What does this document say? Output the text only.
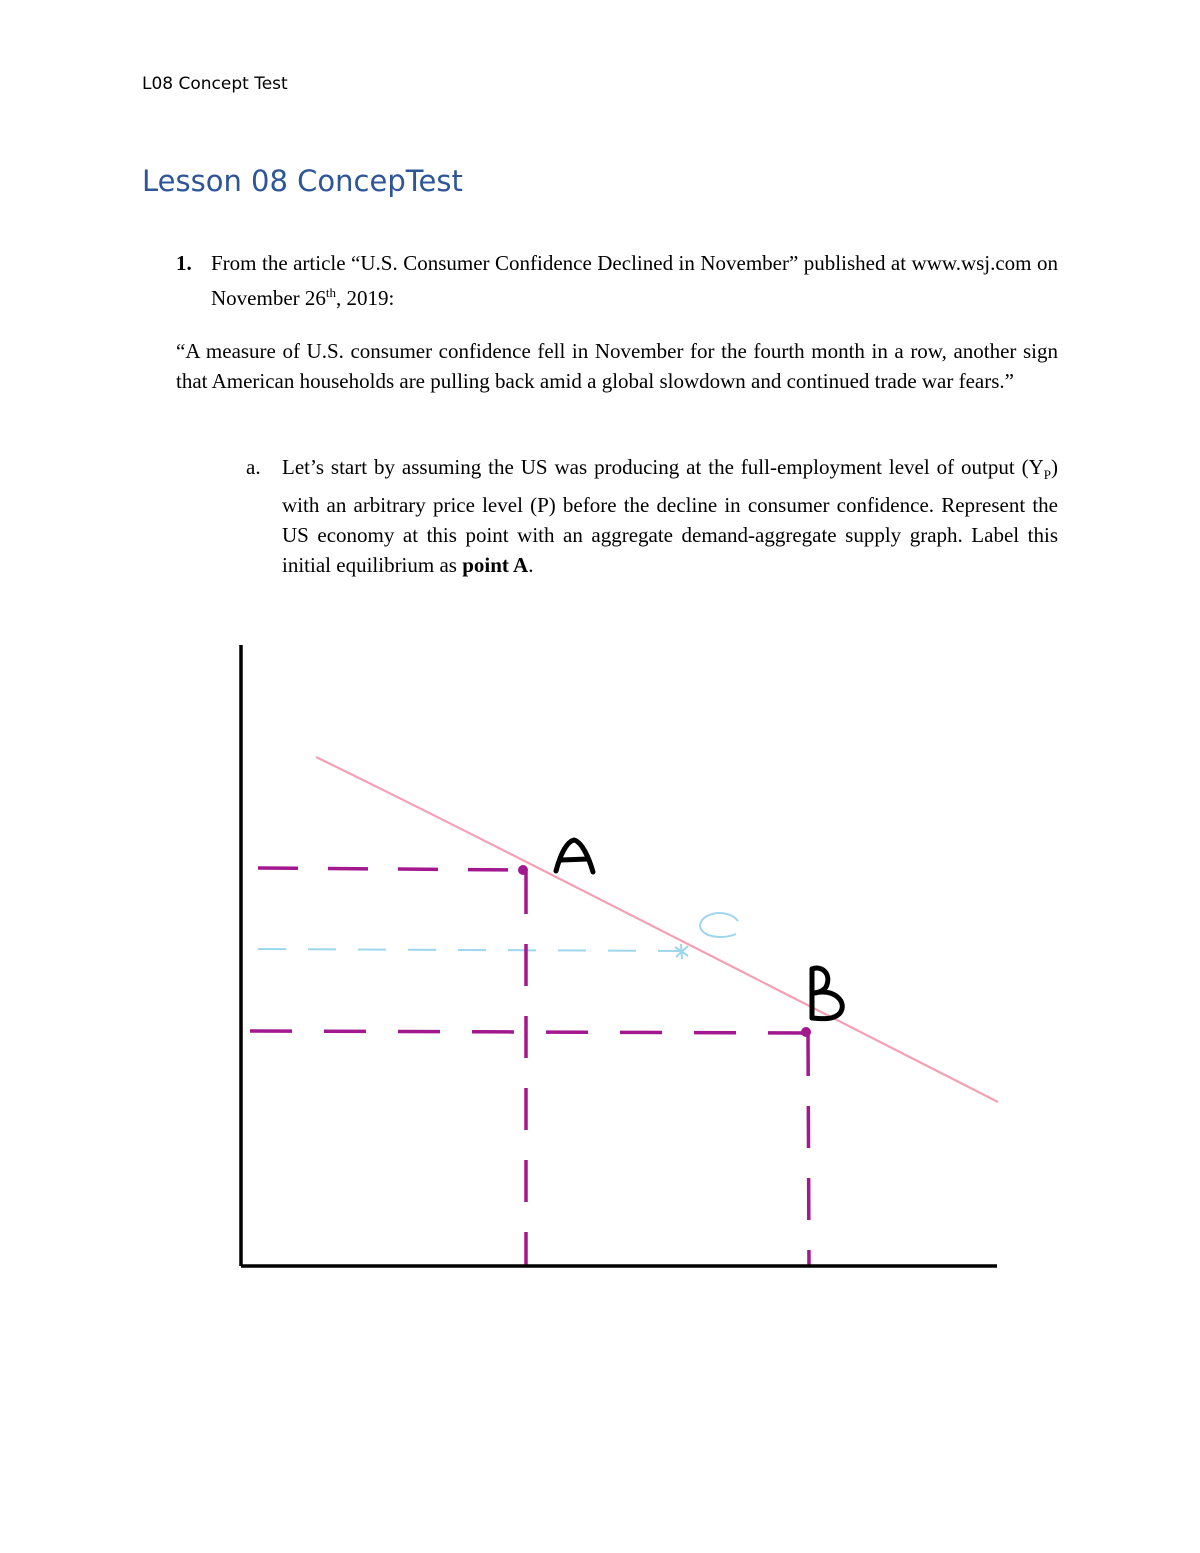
L08 Concept Test
Lesson 08 ConcepTest
1. From the article “U.S. Consumer Confidence Declined in November” published at www.wsj.com on November 26th, 2019:
“A measure of U.S. consumer confidence fell in November for the fourth month in a row, another sign that American households are pulling back amid a global slowdown and continued trade war fears.”
a. Let’s start by assuming the US was producing at the full-employment level of output $(Y_P)$ with an arbitrary price level (P) before the decline in consumer confidence. Represent the US economy at this point with an aggregate demand-aggregate supply graph. Label this initial equilibrium as point A.
